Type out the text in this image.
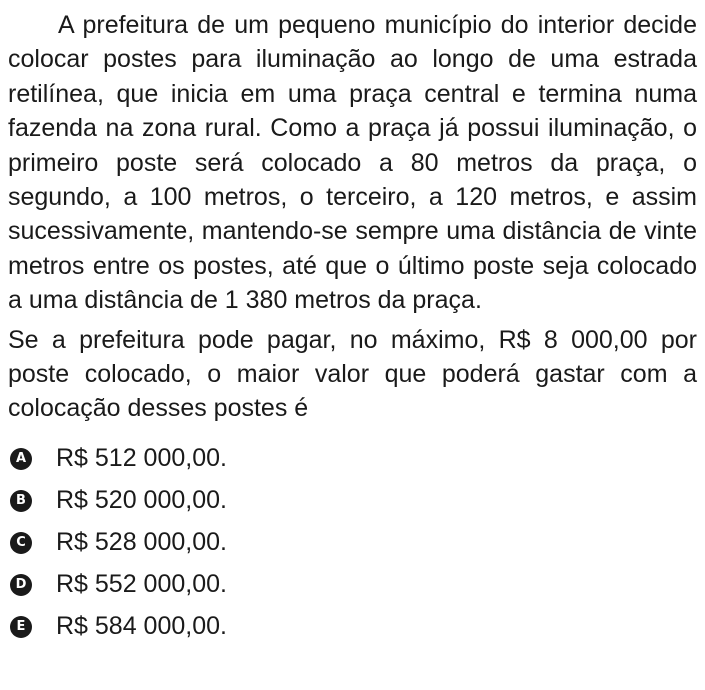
A prefeitura de um pequeno município do interior decide colocar postes para iluminação ao longo de uma estrada retilínea, que inicia em uma praça central e termina numa fazenda na zona rural. Como a praça já possui iluminação, o primeiro poste será colocado a 80 metros da praça, o segundo, a 100 metros, o terceiro, a 120 metros, e assim sucessivamente, mantendo-se sempre uma distância de vinte metros entre os postes, até que o último poste seja colocado a uma distância de 1 380 metros da praça.

Se a prefeitura pode pagar, no máximo, R$ 8 000,00 por poste colocado, o maior valor que poderá gastar com a colocação desses postes é

A R$ 512 000,00.
B R$ 520 000,00.
C R$ 528 000,00.
D R$ 552 000,00.
E R$ 584 000,00.
